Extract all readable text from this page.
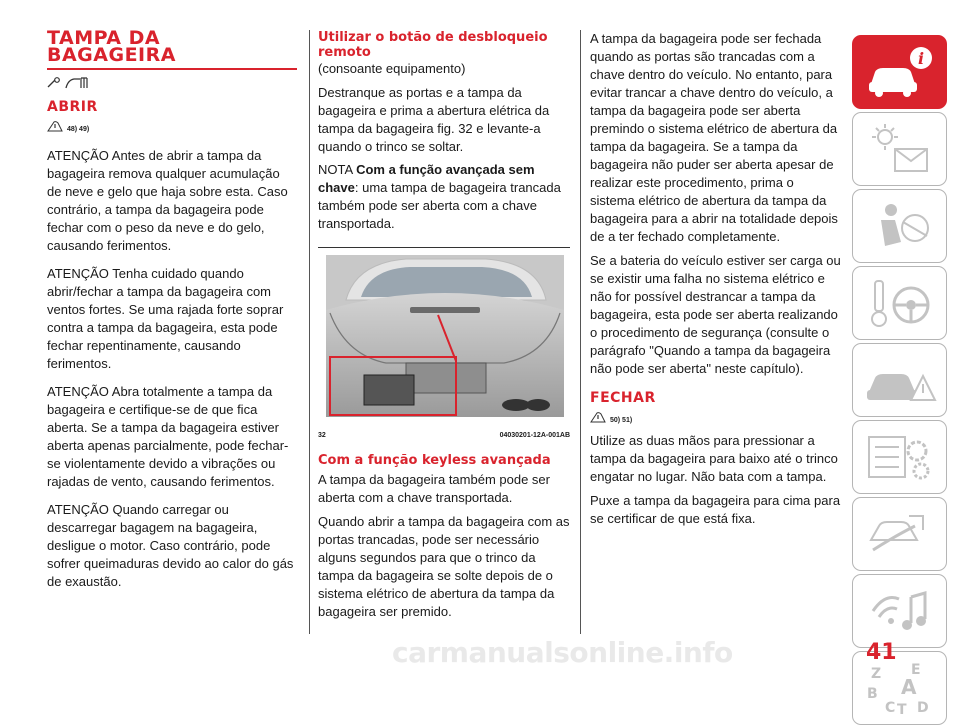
TAMPA DA
BAGAGEIRA
ABRIR
48) 49)

ATENÇÃO Antes de abrir a tampa da bagageira remova qualquer acumulação de neve e gelo que haja sobre esta. Caso contrário, a tampa da bagageira pode fechar com o peso da neve e do gelo, causando ferimentos.

ATENÇÃO Tenha cuidado quando abrir/fechar a tampa da bagageira com ventos fortes. Se uma rajada forte soprar contra a tampa da bagageira, esta pode fechar repentinamente, causando ferimentos.

ATENÇÃO Abra totalmente a tampa da bagageira e certifique-se de que fica aberta. Se a tampa da bagageira estiver aberta apenas parcialmente, pode fechar-se violentamente devido a vibrações ou rajadas de vento, causando ferimentos.

ATENÇÃO Quando carregar ou descarregar bagagem na bagageira, desligue o motor. Caso contrário, pode sofrer queimaduras devido ao calor do gás de exaustão.

Utilizar o botão de desbloqueio remoto
(consoante equipamento)

Destranque as portas e a tampa da bagageira e prima a abertura elétrica da tampa da bagageira fig. 32 e levante-a quando o trinco se soltar.

NOTA Com a função avançada sem chave: uma tampa de bagageira trancada também pode ser aberta com a chave transportada.

32	04030201-12A-001AB
Com a função keyless avançada

A tampa da bagageira também pode ser aberta com a chave transportada.

Quando abrir a tampa da bagageira com as portas trancadas, pode ser necessário alguns segundos para que o trinco da tampa da bagageira se solte depois de o sistema elétrico de abertura da tampa da bagageira ser premido.

A tampa da bagageira pode ser fechada quando as portas são trancadas com a chave dentro do veículo. No entanto, para evitar trancar a chave dentro do veículo, a tampa da bagageira pode ser aberta premindo o sistema elétrico de abertura da tampa da bagageira. Se a tampa da bagageira não puder ser aberta apesar de realizar este procedimento, prima o sistema elétrico de abertura da tampa da bagageira para a abrir na totalidade depois de a ter fechado completamente.

Se a bateria do veículo estiver ser carga ou se existir uma falha no sistema elétrico e não for possível destrancar a tampa da bagageira, esta pode ser aberta realizando o procedimento de segurança (consulte o parágrafo "Quando a tampa da bagageira não pode ser aberta" neste capítulo).

FECHAR
50) 51)

Utilize as duas mãos para pressionar a tampa da bagageira para baixo até o trinco engatar no lugar. Não bata com a tampa.

Puxe a tampa da bagageira para cima para se certificar de que está fixa.

i
Z E
B A
C T D
carmanualsonline.info	41
